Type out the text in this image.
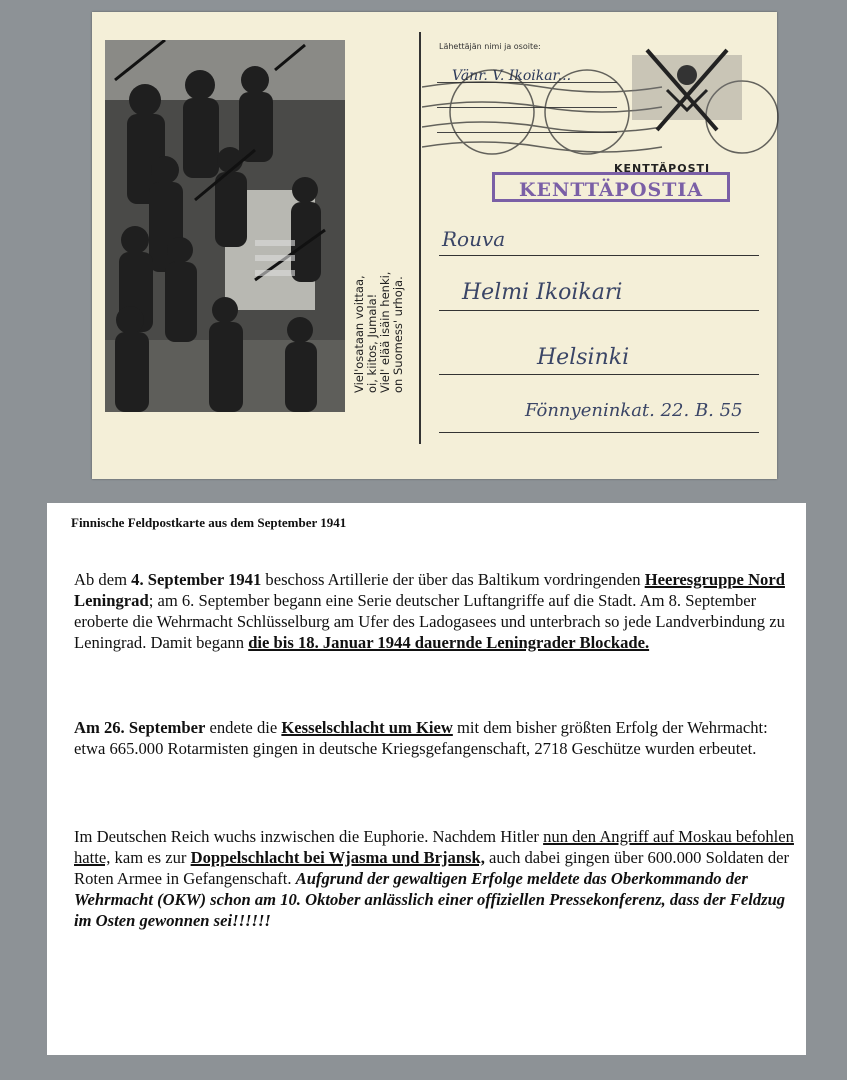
Viel'osataan voittaa,
oi, kiitos, Jumala!
Viel' elää isäin henki,
on Suomess' urhoja.
Lähettäjän nimi ja osoite:
Vänr. V. Ikoikar...
KENTTÄPOSTI
KENTTÄPOSTIA
Rouva
Helmi Ikoikari
Helsinki
Fönnyeninkat. 22. B. 55
Finnische Feldpostkarte aus dem September 1941
Ab dem 4. September 1941 beschoss Artillerie der über das Baltikum vordringenden Heeresgruppe Nord Leningrad; am 6. September begann eine Serie deutscher Luftangriffe auf die Stadt. Am 8. September eroberte die Wehrmacht Schlüsselburg am Ufer des Ladogasees und unterbrach so jede Landverbindung zu Leningrad. Damit begann die bis 18. Januar 1944 dauernde Leningrader Blockade.
Am 26. September endete die Kesselschlacht um Kiew mit dem bisher größten Erfolg der Wehrmacht: etwa 665.000 Rotarmisten gingen in deutsche Kriegsgefangenschaft, 2718 Geschütze wurden erbeutet.
Im Deutschen Reich wuchs inzwischen die Euphorie. Nachdem Hitler nun den Angriff auf Moskau befohlen hatte, kam es zur Doppelschlacht bei Wjasma und Brjansk, auch dabei gingen über 600.000 Soldaten der Roten Armee in Gefangenschaft. Aufgrund der gewaltigen Erfolge meldete das Oberkommando der Wehrmacht (OKW) schon am 10. Oktober anlässlich einer offiziellen Pressekonferenz, dass der Feldzug im Osten gewonnen sei!!!!!!
